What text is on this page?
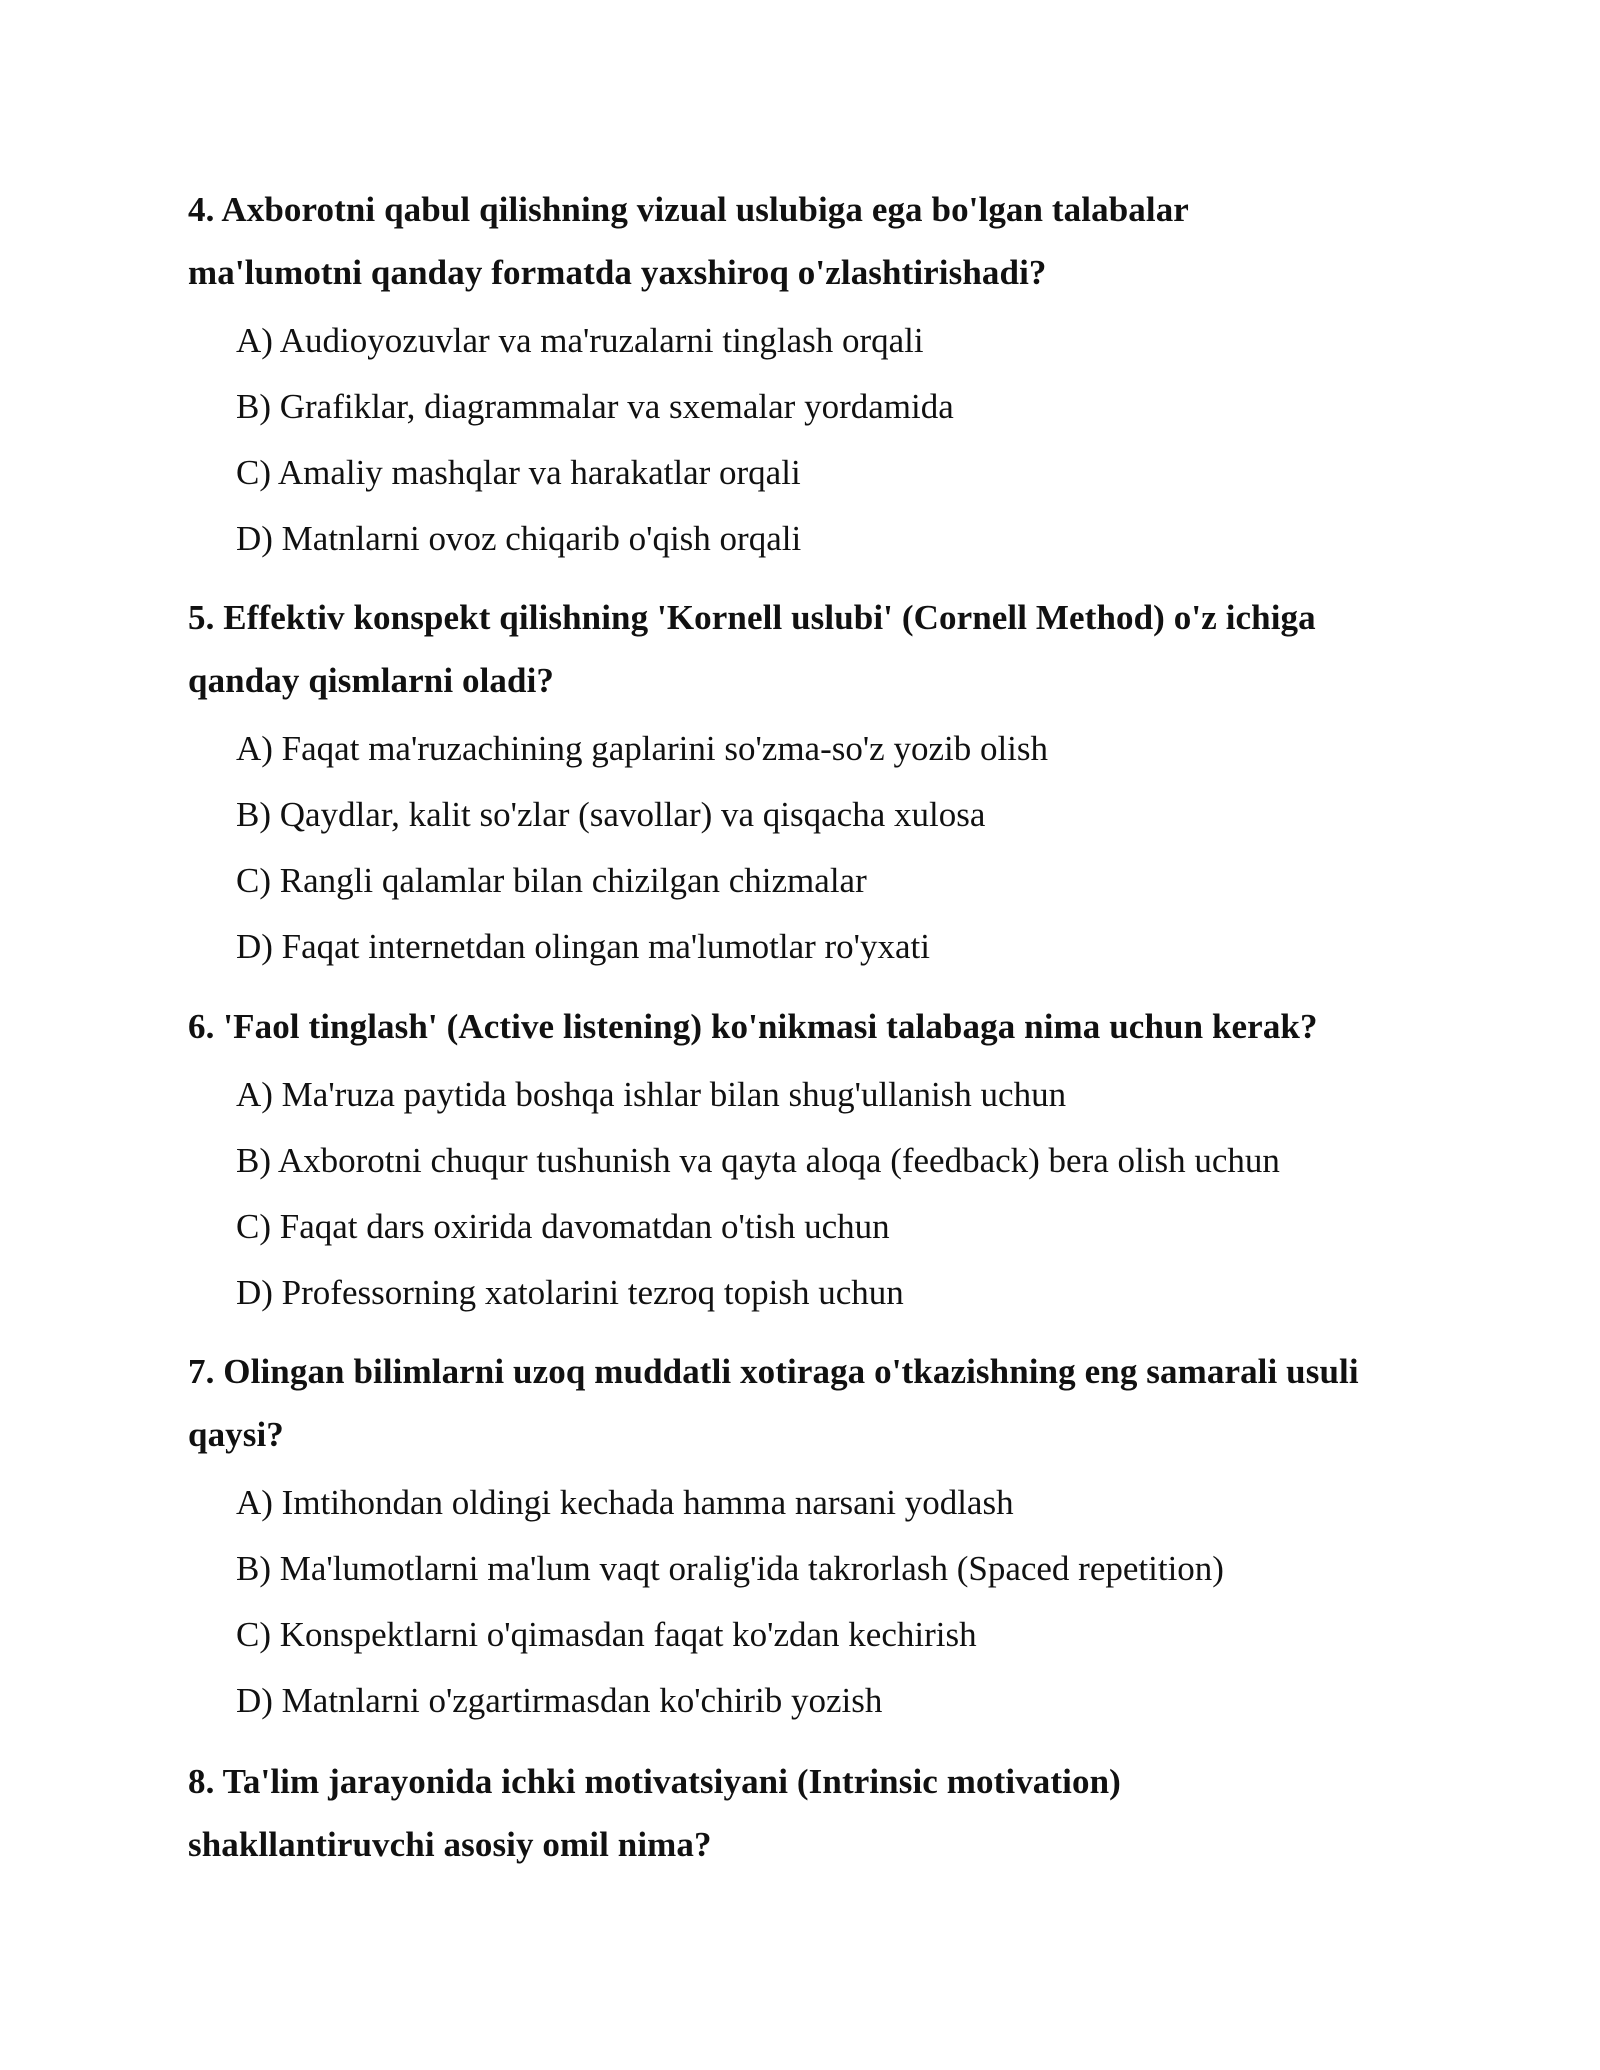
4. Axborotni qabul qilishning vizual uslubiga ega bo'lgan talabalar ma'lumotni qanday formatda yaxshiroq o'zlashtirishadi?

A) Audioyozuvlar va ma'ruzalarni tinglash orqali
B) Grafiklar, diagrammalar va sxemalar yordamida
C) Amaliy mashqlar va harakatlar orqali
D) Matnlarni ovoz chiqarib o'qish orqali

5. Effektiv konspekt qilishning 'Kornell uslubi' (Cornell Method) o'z ichiga qanday qismlarni oladi?

A) Faqat ma'ruzachining gaplarini so'zma-so'z yozib olish
B) Qaydlar, kalit so'zlar (savollar) va qisqacha xulosa
C) Rangli qalamlar bilan chizilgan chizmalar
D) Faqat internetdan olingan ma'lumotlar ro'yxati

6. 'Faol tinglash' (Active listening) ko'nikmasi talabaga nima uchun kerak?

A) Ma'ruza paytida boshqa ishlar bilan shug'ullanish uchun
B) Axborotni chuqur tushunish va qayta aloqa (feedback) bera olish uchun
C) Faqat dars oxirida davomatdan o'tish uchun
D) Professorning xatolarini tezroq topish uchun

7. Olingan bilimlarni uzoq muddatli xotiraga o'tkazishning eng samarali usuli qaysi?

A) Imtihondan oldingi kechada hamma narsani yodlash
B) Ma'lumotlarni ma'lum vaqt oralig'ida takrorlash (Spaced repetition)
C) Konspektlarni o'qimasdan faqat ko'zdan kechirish
D) Matnlarni o'zgartirmasdan ko'chirib yozish

8. Ta'lim jarayonida ichki motivatsiyani (Intrinsic motivation) shakllantiruvchi asosiy omil nima?
